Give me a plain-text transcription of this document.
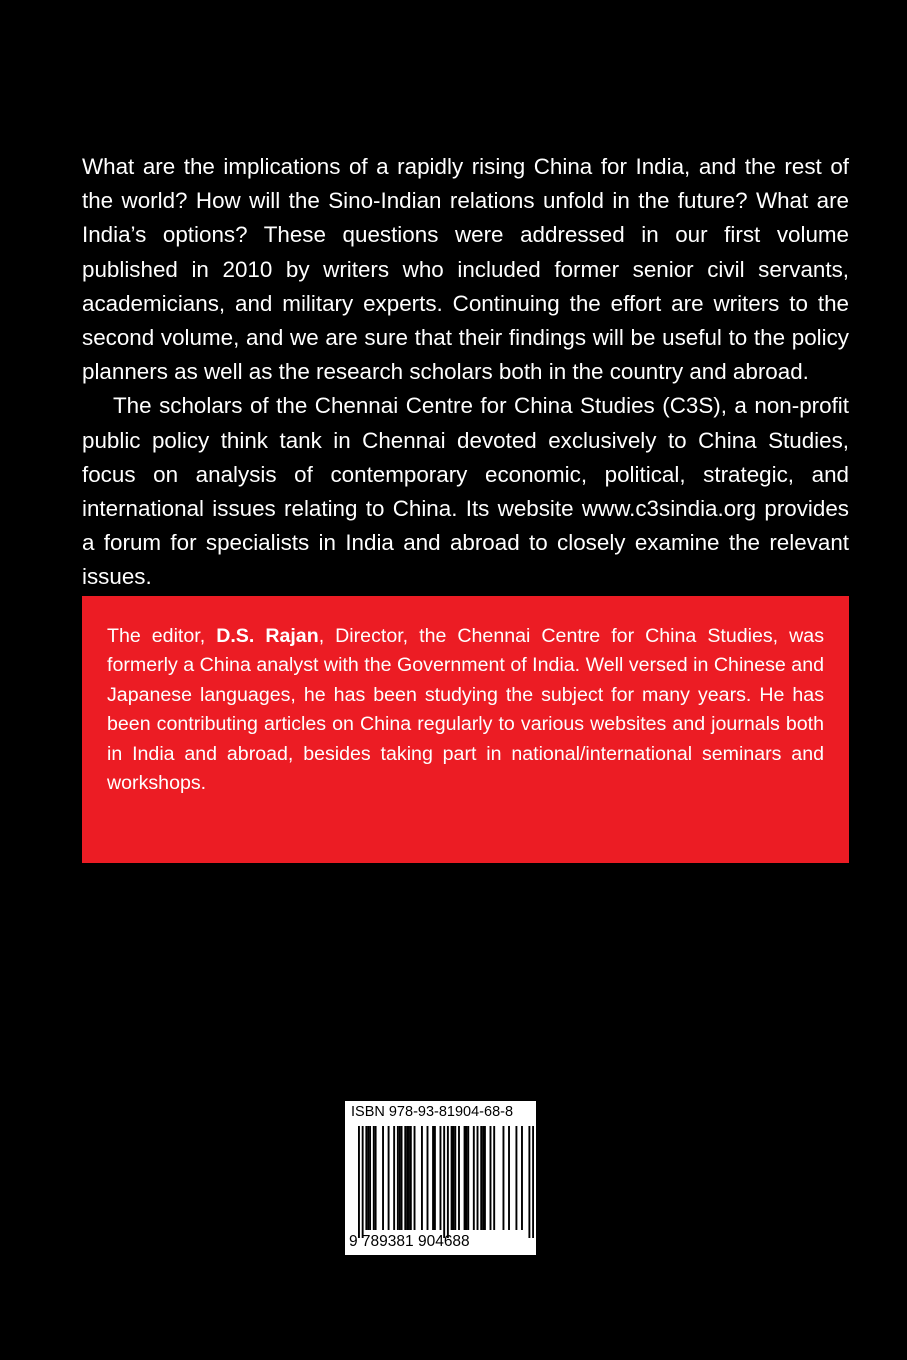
What are the implications of a rapidly rising China for India, and the rest of the world? How will the Sino-Indian relations unfold in the future? What are India’s options? These questions were addressed in our first volume published in 2010 by writers who included former senior civil servants, academicians, and military experts. Continuing the effort are writers to the second volume, and we are sure that their findings will be useful to the policy planners as well as the research scholars both in the country and abroad.

The scholars of the Chennai Centre for China Studies (C3S), a non-profit public policy think tank in Chennai devoted exclusively to China Studies, focus on analysis of contemporary economic, political, strategic, and international issues relating to China. Its website www.c3sindia.org provides a forum for specialists in India and abroad to closely examine the relevant issues.

The editor, D.S. Rajan, Director, the Chennai Centre for China Studies, was formerly a China analyst with the Government of India. Well versed in Chinese and Japanese languages, he has been studying the subject for many years. He has been contributing articles on China regularly to various websites and journals both in India and abroad, besides taking part in national/international seminars and workshops.

ISBN 978-93-81904-68-8
9 789381 904688
